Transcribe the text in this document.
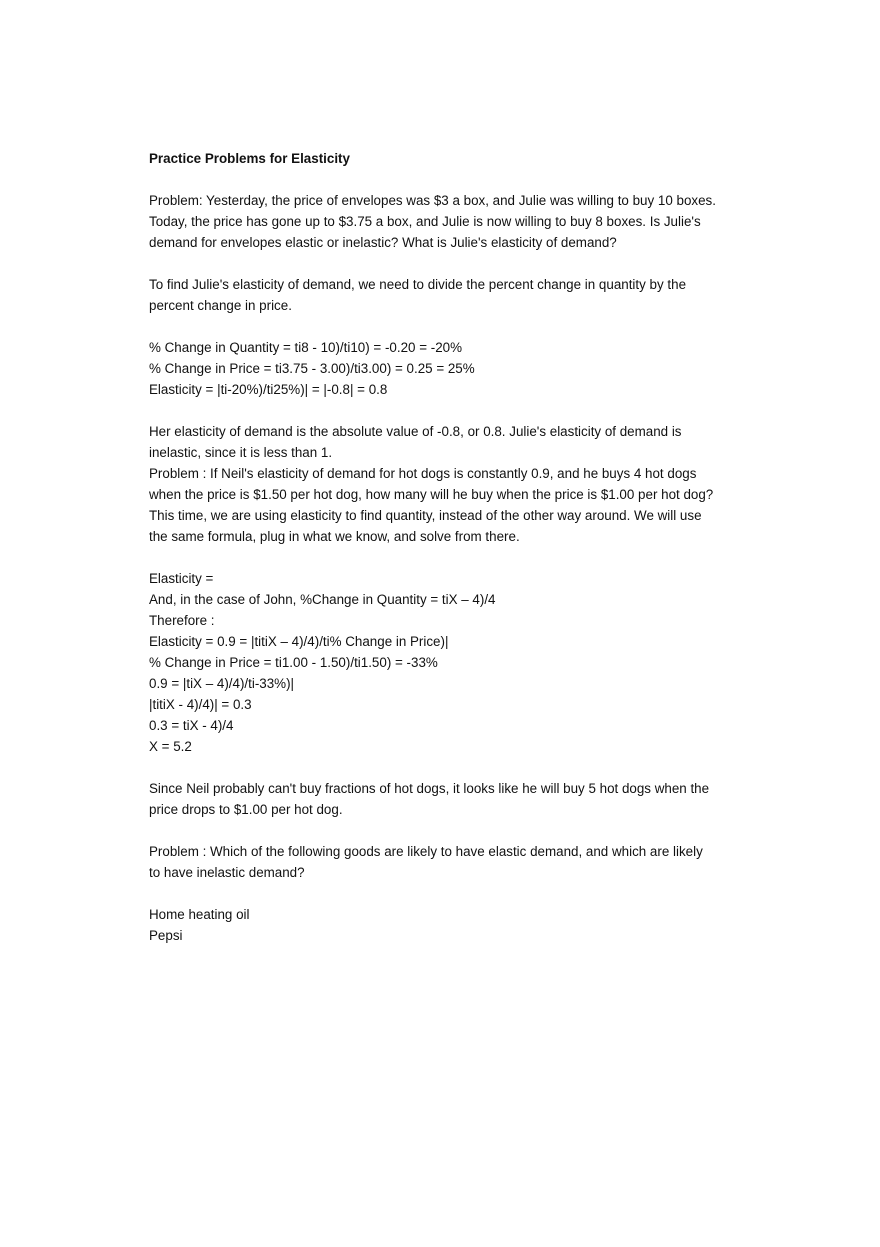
Practice Problems for Elasticity
Problem: Yesterday, the price of envelopes was $3 a box, and Julie was willing to buy 10 boxes.
Today, the price has gone up to $3.75 a box, and Julie is now willing to buy 8 boxes. Is Julie's
demand for envelopes elastic or inelastic? What is Julie's elasticity of demand?
To find Julie's elasticity of demand, we need to divide the percent change in quantity by the
percent change in price.
% Change in Quantity = ti8 - 10)/ti10) = -0.20 = -20%
% Change in Price = ti3.75 - 3.00)/ti3.00) = 0.25 = 25%
Elasticity = |ti-20%)/ti25%)| = |-0.8| = 0.8
Her elasticity of demand is the absolute value of -0.8, or 0.8. Julie's elasticity of demand is
inelastic, since it is less than 1.
Problem : If Neil's elasticity of demand for hot dogs is constantly 0.9, and he buys 4 hot dogs
when the price is $1.50 per hot dog, how many will he buy when the price is $1.00 per hot dog?
This time, we are using elasticity to find quantity, instead of the other way around. We will use
the same formula, plug in what we know, and solve from there.
Elasticity =
And, in the case of John, %Change in Quantity = tiX – 4)/4
Therefore :
Elasticity = 0.9 = |titiX – 4)/4)/ti% Change in Price)|
% Change in Price = ti1.00 - 1.50)/ti1.50) = -33%
0.9 = |tiX – 4)/4)/ti-33%)|
|titiX - 4)/4)| = 0.3
0.3 = tiX - 4)/4
X = 5.2
Since Neil probably can't buy fractions of hot dogs, it looks like he will buy 5 hot dogs when the
price drops to $1.00 per hot dog.
Problem : Which of the following goods are likely to have elastic demand, and which are likely
to have inelastic demand?
Home heating oil
Pepsi
